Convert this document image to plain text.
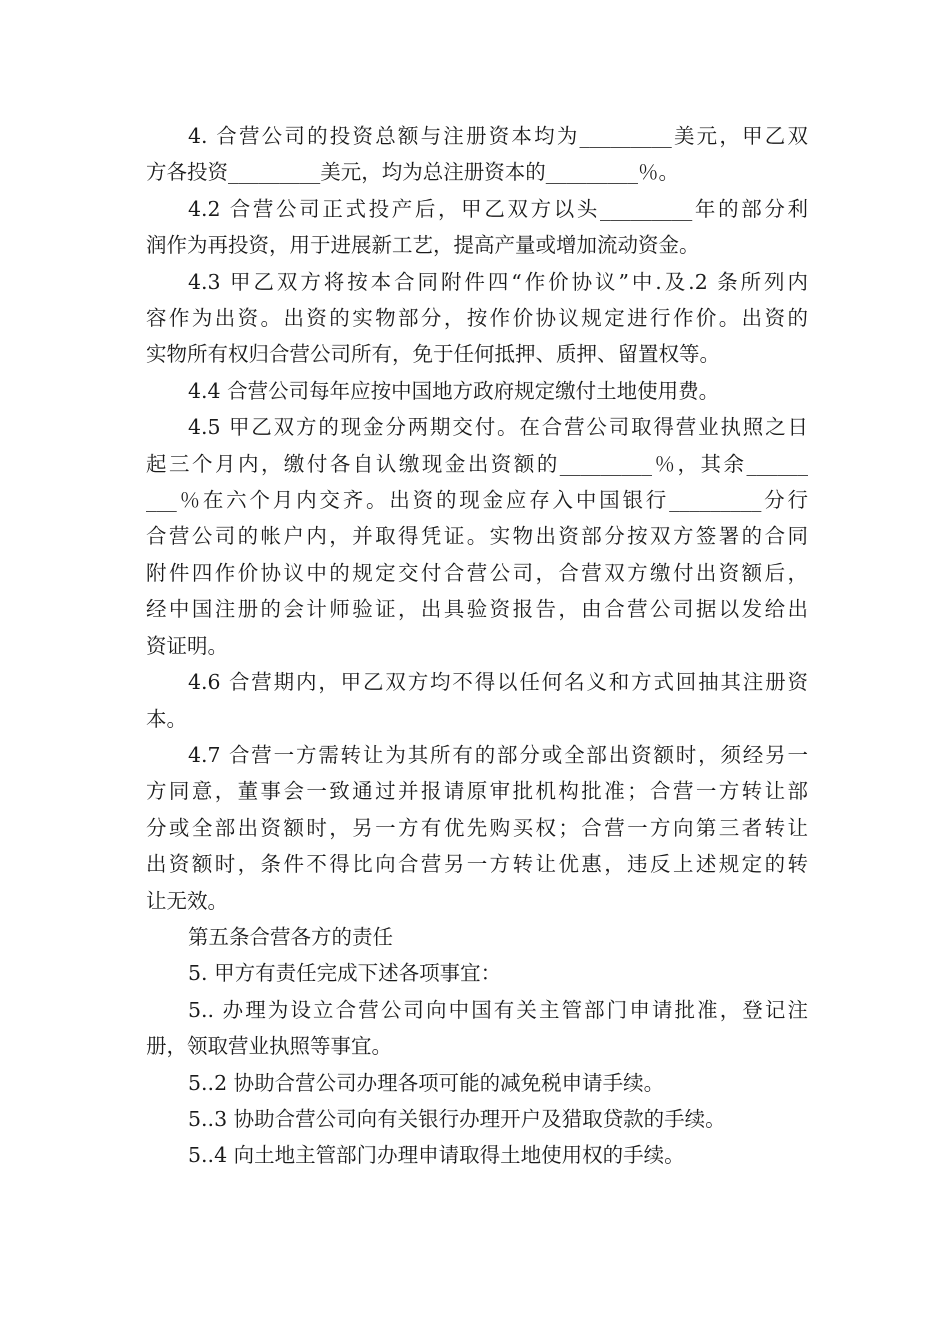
4. 合营公司的投资总额与注册资本均为_________美元，甲乙双
方各投资_________美元，均为总注册资本的_________％。
4.2 合营公司正式投产后，甲乙双方以头_________年的部分利
润作为再投资，用于进展新工艺，提高产量或增加流动资金。
4.3 甲乙双方将按本合同附件四“作价协议”中.及.2 条所列内
容作为出资。出资的实物部分，按作价协议规定进行作价。出资的
实物所有权归合营公司所有，免于任何抵押、质押、留置权等。
4.4 合营公司每年应按中国地方政府规定缴付土地使用费。
4.5 甲乙双方的现金分两期交付。在合营公司取得营业执照之日
起三个月内，缴付各自认缴现金出资额的_________％，其余______
___％在六个月内交齐。出资的现金应存入中国银行_________分行
合营公司的帐户内，并取得凭证。实物出资部分按双方签署的合同
附件四作价协议中的规定交付合营公司，合营双方缴付出资额后，
经中国注册的会计师验证，出具验资报告，由合营公司据以发给出
资证明。
4.6 合营期内，甲乙双方均不得以任何名义和方式回抽其注册资
本。
4.7 合营一方需转让为其所有的部分或全部出资额时，须经另一
方同意，董事会一致通过并报请原审批机构批准；合营一方转让部
分或全部出资额时，另一方有优先购买权；合营一方向第三者转让
出资额时，条件不得比向合营另一方转让优惠，违反上述规定的转
让无效。
第五条合营各方的责任
5. 甲方有责任完成下述各项事宜：
5.. 办理为设立合营公司向中国有关主管部门申请批准，登记注
册，领取营业执照等事宜。
5..2 协助合营公司办理各项可能的减免税申请手续。
5..3 协助合营公司向有关银行办理开户及猎取贷款的手续。
5..4 向土地主管部门办理申请取得土地使用权的手续。
